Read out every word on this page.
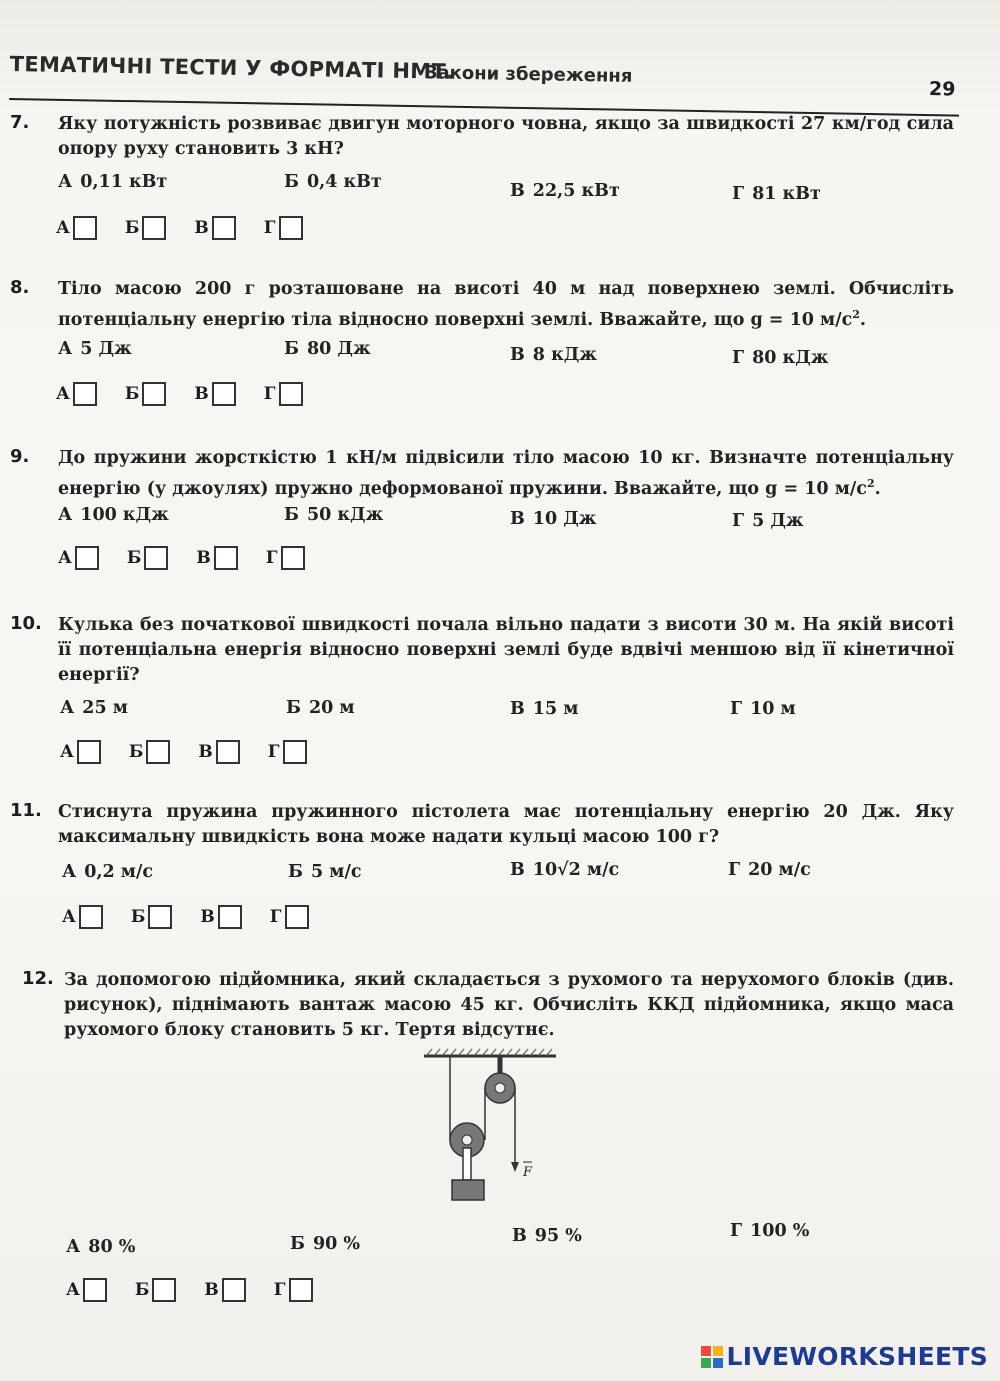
ТЕМАТИЧНІ ТЕСТИ У ФОРМАТІ НМТ.
Закони збереження
29
7. Яку потужність розвиває двигун моторного човна, якщо за швидкості 27 км/год сила опору руху становить 3 кН?
А 0,11 кВт	Б 0,4 кВт	В 22,5 кВт	Г 81 кВт
А	Б	В	Г
8. Тіло масою 200 г розташоване на висоті 40 м над поверхнею землі. Обчисліть потенціальну енергію тіла відносно поверхні землі. Вважайте, що g = 10 $м/с^2$.
А 5 Дж	Б 80 Дж	В 8 кДж	Г 80 кДж
А	Б	В	Г
9. До пружини жорсткістю 1 кН/м підвісили тіло масою 10 кг. Визначте потенціальну енергію (у джоулях) пружно деформованої пружини. Вважайте, що g = 10 $м/с^2$.
А 100 кДж	Б 50 кДж	В 10 Дж	Г 5 Дж
А	Б	В	Г
10. Кулька без початкової швидкості почала вільно падати з висоти 30 м. На якій висоті її потенціальна енергія відносно поверхні землі буде вдвічі меншою від її кінетичної енергії?
А 25 м	Б 20 м	В 15 м	Г 10 м
А	Б	В	Г
11. Стиснута пружина пружинного пістолета має потенціальну енергію 20 Дж. Яку максимальну швидкість вона може надати кульці масою 100 г?
А 0,2 м/с	Б 5 м/с	В 10√2 м/с	Г 20 м/с
А	Б	В	Г
12. За допомогою підйомника, який складається з рухомого та нерухомого блоків (див. рисунок), піднімають вантаж масою 45 кг. Обчисліть ККД підйомника, якщо маса рухомого блоку становить 5 кг. Тертя відсутнє.
F
А 80 %	Б 90 %	В 95 %	Г 100 %
А	Б	В	Г
LIVEWORKSHEETS
